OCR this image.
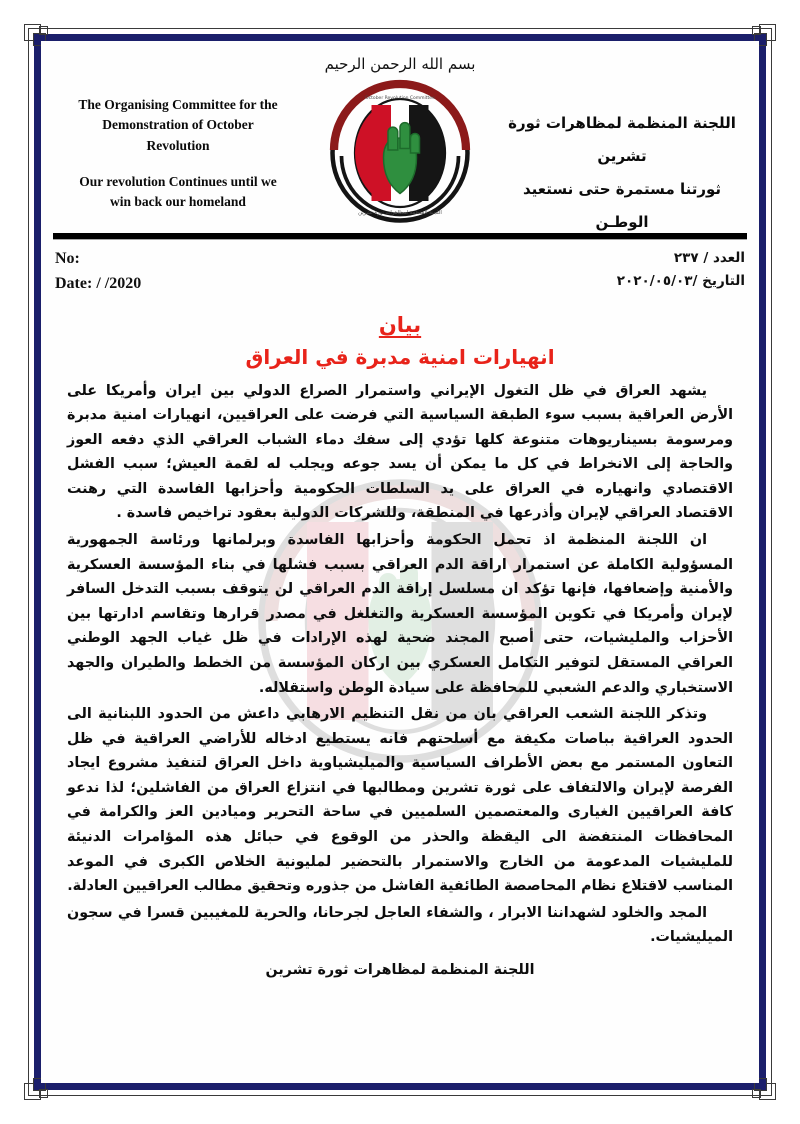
The Organising Committee for the
Demonstration of October
Revolution
Our revolution Continues until we
win back our homeland
بسم الله الرحمن الرحيم
اللجنة المنظمة لمظاهرات ثورة تشرين
October Revolution Committee
اللجنة المنظمة لمظاهرات ثورة تشرين
ثورتنا مستمرة حتى نستعيد الوطـن
No:
Date: / /2020
العدد / ٢٣٧
التاريخ /٢٠٢٠/٠٥/٠٣
بيان
انهيارات امنية مدبرة في العراق

يشهد العراق في ظل التغول الإيراني واستمرار الصراع الدولي بين ايران وأمريكا على الأرض العراقية بسبب سوء الطبقة السياسية التي فرضت على العراقيين، انهيارات امنية مدبرة ومرسومة بسيناريوهات متنوعة كلها تؤدي إلى سفك دماء الشباب العراقي الذي دفعه العوز والحاجة إلى الانخراط في كل ما يمكن أن يسد جوعه ويجلب له لقمة العيش؛ سبب الفشل الاقتصادي وانهياره في العراق على يد السلطات الحكومية وأحزابها الفاسدة التي رهنت الاقتصاد العراقي لإيران وأذرعها في المنطقة، وللشركات الدولية بعقود تراخيص فاسدة .

ان اللجنة المنظمة اذ تحمل الحكومة وأحزابها الفاسدة وبرلمانها ورئاسة الجمهورية المسؤولية الكاملة عن استمرار اراقة الدم العراقي بسبب فشلها في بناء المؤسسة العسكرية والأمنية وإضعافها، فإنها تؤكد ان مسلسل إراقة الدم العراقي لن يتوقف بسبب التدخل السافر لإيران وأمريكا في تكوين المؤسسة العسكرية والتغلغل في مصدر قرارها وتقاسم ادارتها بين الأحزاب والمليشيات، حتى أصبح المجند ضحية لهذه الإرادات في ظل غياب الجهد الوطني العراقي المستقل لتوفير التكامل العسكري بين اركان المؤسسة من الخطط والطيران والجهد الاستخباري والدعم الشعبي للمحافظة على سيادة الوطن واستقلاله.

وتذكر اللجنة الشعب العراقي بان من نقل التنظيم الارهابي داعش من الحدود اللبنانية الى الحدود العراقية بباصات مكيفة مع أسلحتهم فانه يستطيع ادخاله للأراضي العراقية في ظل التعاون المستمر مع بعض الأطراف السياسية والميليشياوية داخل العراق لتنفيذ مشروع ايجاد الفرصة لإيران والالتفاف على ثورة تشرين ومطالبها في انتزاع العراق من الفاشلين؛ لذا ندعو كافة العراقيين الغيارى والمعتصمين السلميين في ساحة التحرير وميادين العز والكرامة في المحافظات المنتفضة الى اليقظة والحذر من الوقوع في حبائل هذه المؤامرات الدنيئة للمليشيات المدعومة من الخارج والاستمرار بالتحضير لمليونية الخلاص الكبرى في الموعد المناسب لاقتلاع نظام المحاصصة الطائفية الفاشل من جذوره وتحقيق مطالب العراقيين العادلة.

المجد والخلود لشهداننا الابرار ، والشفاء العاجل لجرحانا، والحرية للمغيبين قسرا في سجون الميليشيات.

اللجنة المنظمة لمظاهرات ثورة تشرين
